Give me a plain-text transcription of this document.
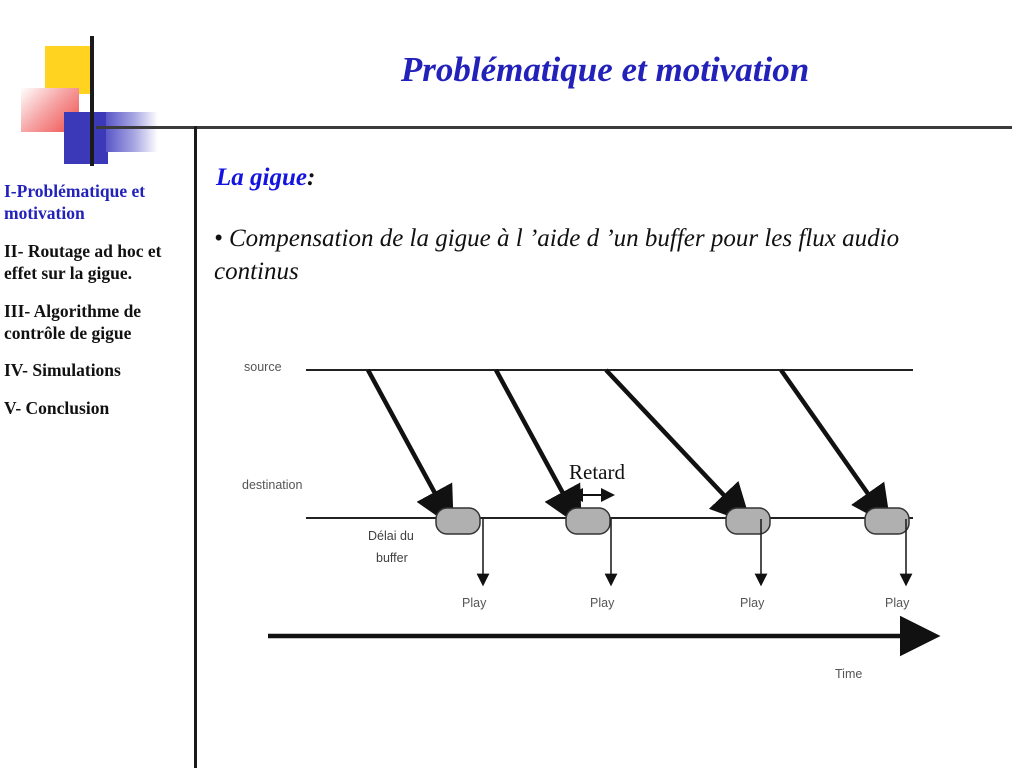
Problématique et motivation
I-Problématique et motivation
II- Routage ad hoc et effet sur la gigue.
III- Algorithme de contrôle de gigue
IV- Simulations
V- Conclusion
La gigue:
• Compensation de la gigue à l ’aide d ’un buffer pour les flux audio continus
source
destination
Délai du
buffer
Retard
Play	Play	Play	Play
Time
